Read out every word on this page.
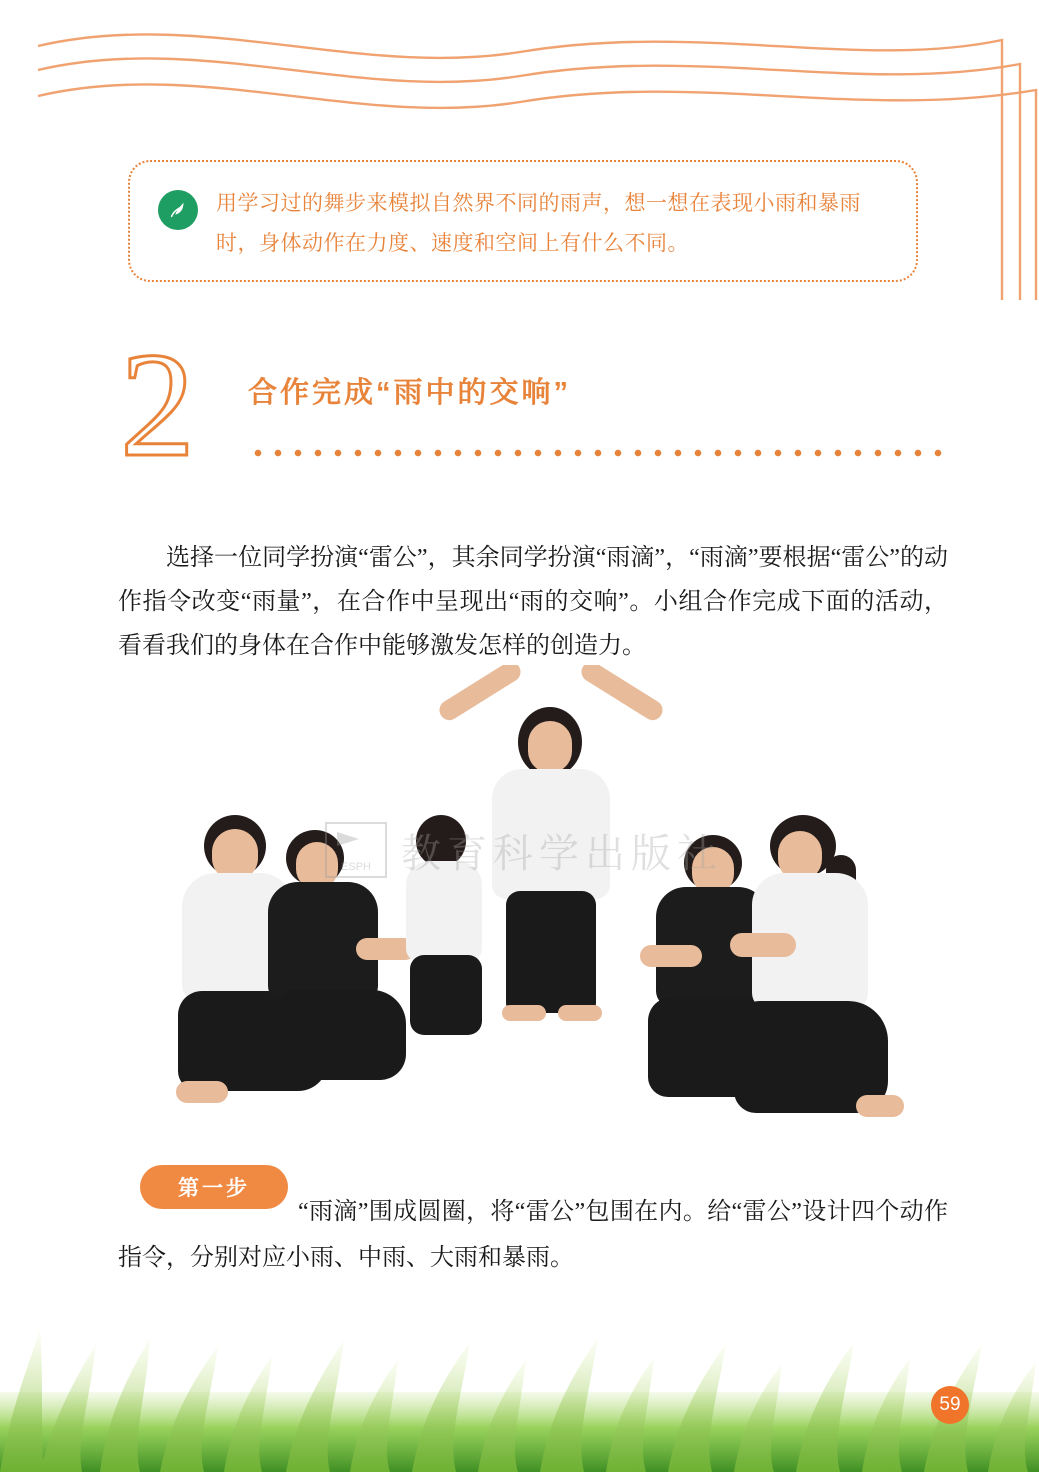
用学习过的舞步来模拟自然界不同的雨声，想一想在表现小雨和暴雨时，身体动作在力度、速度和空间上有什么不同。
2 合作完成“雨中的交响”

选择一位同学扮演“雷公”，其余同学扮演“雨滴”，“雨滴”要根据“雷公”的动作指令改变“雨量”，在合作中呈现出“雨的交响”。小组合作完成下面的活动，看看我们的身体在合作中能够激发怎样的创造力。

ESPH 教育科学出版社

“雨滴”围成圆圈，将“雷公”包围在内。给“雷公”设计四个动作指令，分别对应小雨、中雨、大雨和暴雨。

第一步
59
